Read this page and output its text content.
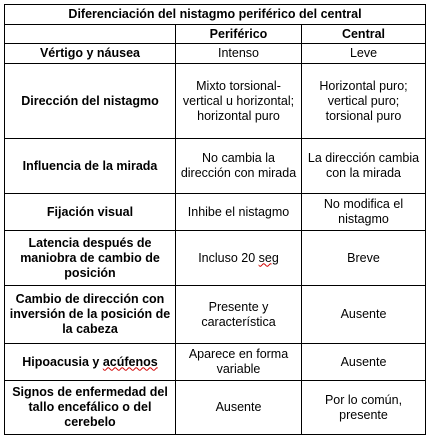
Diferenciación del nistagmo periférico del central		
	Periférico	Central
Vértigo y náusea	Intenso	Leve
Dirección del nistagmo	Mixto torsional-vertical u horizontal; horizontal puro	Horizontal puro; vertical puro; torsional puro
Influencia de la mirada	No cambia la dirección con mirada	La dirección cambia con la mirada
Fijación visual	Inhibe el nistagmo	No modifica el nistagmo
Latencia después de maniobra de cambio de posición	Incluso 20 seg	Breve
Cambio de dirección con inversión de la posición de la cabeza	Presente y característica	Ausente
Hipoacusia y acúfenos	Aparece en forma variable	Ausente
Signos de enfermedad del tallo encefálico o del cerebelo	Ausente	Por lo común, presente
